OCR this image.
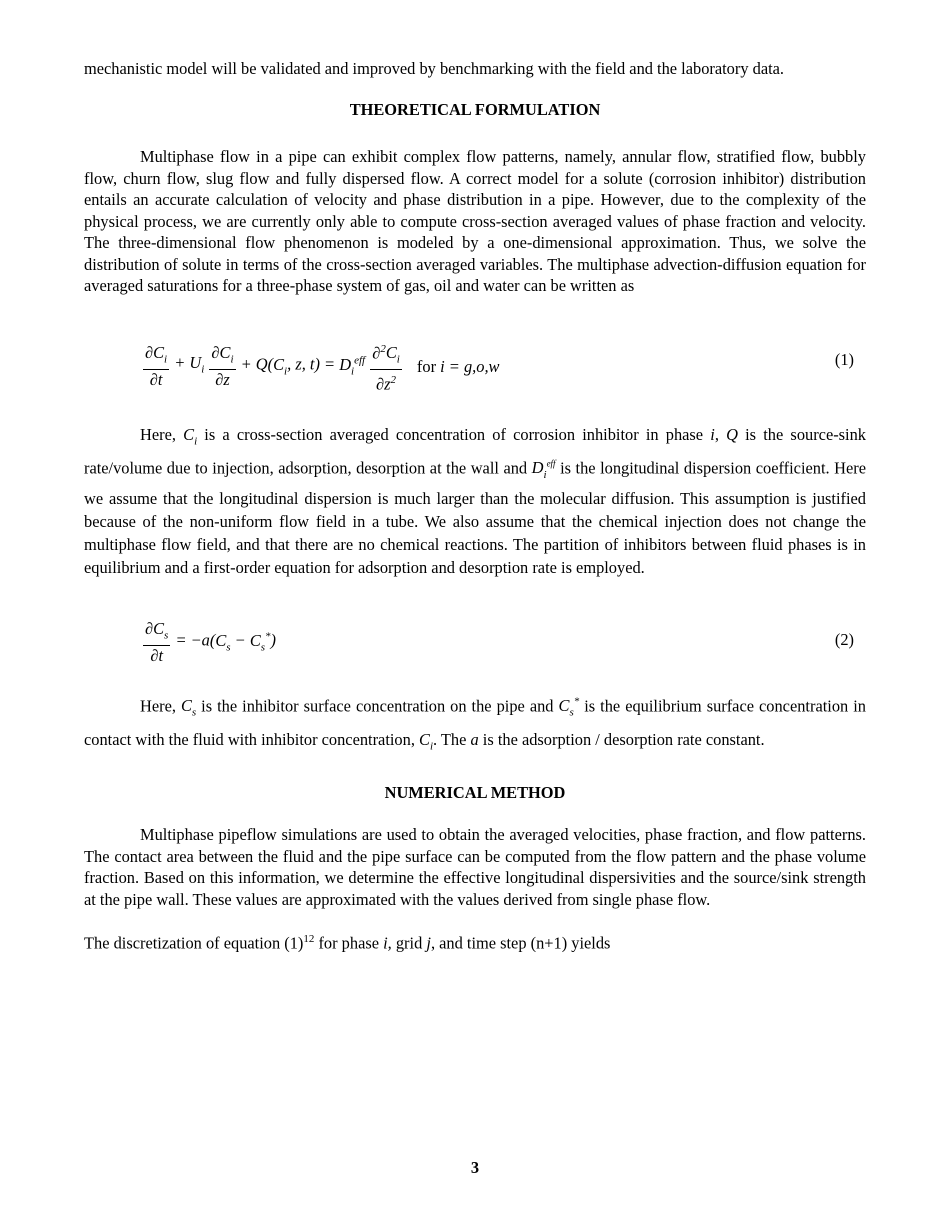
mechanistic model will be validated and improved by benchmarking with the field and the laboratory data.

THEORETICAL FORMULATION

Multiphase flow in a pipe can exhibit complex flow patterns, namely, annular flow, stratified flow, bubbly flow, churn flow, slug flow and fully dispersed flow. A correct model for a solute (corrosion inhibitor) distribution entails an accurate calculation of velocity and phase distribution in a pipe. However, due to the complexity of the physical process, we are currently only able to compute cross-section averaged values of phase fraction and velocity. The three-dimensional flow phenomenon is modeled by a one-dimensional approximation. Thus, we solve the distribution of solute in terms of the cross-section averaged variables. The multiphase advection-diffusion equation for averaged saturations for a three-phase system of gas, oil and water can be written as

$\frac{\partial C_i}{\partial t} + U_i \frac{\partial C_i}{\partial z} + Q(C_i$, z, $t) = D_i^{eff} \frac{\partial^2C_i}{\partial z^2}$ for i = g,o,w	(1)

Here, $C_i$ is a cross-section averaged concentration of corrosion inhibitor in phase i, Q is the source-sink rate/volume due to injection, adsorption, desorption at the wall and $D_i^{eff}$ is the longitudinal dispersion coefficient. Here we assume that the longitudinal dispersion is much larger than the molecular diffusion. This assumption is justified because of the non-uniform flow field in a tube. We also assume that the chemical injection does not change the multiphase flow field, and that there are no chemical reactions. The partition of inhibitors between fluid phases is in equilibrium and a first-order equation for adsorption and desorption rate is employed.

$\frac{\partial C_s}{\partial t} = -a(C_s - C_s^*)$	(2)

Here, $C_s$ is the inhibitor surface concentration on the pipe and $C_s^*$ is the equilibrium surface concentration in contact with the fluid with inhibitor concentration, $C_i$. The a is the adsorption / desorption rate constant.

NUMERICAL METHOD

Multiphase pipeflow simulations are used to obtain the averaged velocities, phase fraction, and flow patterns. The contact area between the fluid and the pipe surface can be computed from the flow pattern and the phase volume fraction. Based on this information, we determine the effective longitudinal dispersivities and the source/sink strength at the pipe wall. These values are approximated with the values derived from single phase flow.

The discretization of equation $(1)^{12}$ for phase i, grid j, and time step (n+1) yields

3
